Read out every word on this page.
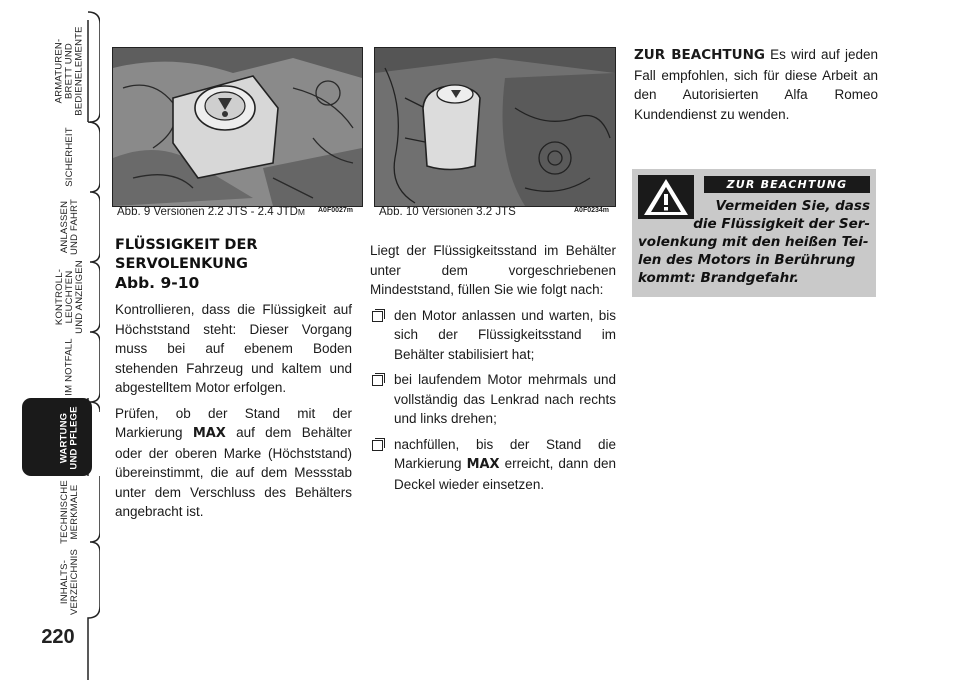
ARMATUREN-
BRETT UND
BEDIENELEMENTE
SICHERHEIT
ANLASSEN
UND FAHRT
KONTROLL-
LEUCHTEN
UND ANZEIGEN
IM NOTFALL
WARTUNG
UND PFLEGE
TECHNISCHE
MERKMALE
INHALTS-
VERZEICHNIS
220
A0F0027m
Abb. 9 Versionen 2.2 JTS - 2.4 JTDM	A0F0234m
Abb. 10 Versionen 3.2 JTS
FLÜSSIGKEIT DER
SERVOLENKUNG
Abb. 9-10

Kontrollieren, dass die Flüssigkeit auf Höchststand steht: Dieser Vorgang muss bei auf ebenem Boden stehenden Fahrzeug und kaltem und abgestelltem Motor erfolgen.

Prüfen, ob der Stand mit der Markierung MAX auf dem Behälter oder der oberen Marke (Höchststand) übereinstimmt, die auf dem Messstab unter dem Verschluss des Behälters angebracht ist.

Liegt der Flüssigkeitsstand im Behälter unter dem vorgeschriebenen Mindeststand, füllen Sie wie folgt nach:

den Motor anlassen und warten, bis sich der Flüssigkeitsstand im Behälter stabilisiert hat;
bei laufendem Motor mehrmals und vollständig das Lenkrad nach rechts und links drehen;
nachfüllen, bis der Stand die Markierung MAX erreicht, dann den Deckel wieder einsetzen.
ZUR BEACHTUNG Es wird auf jeden Fall empfohlen, sich für diese Arbeit an den Autorisierten Alfa Romeo Kundendienst zu wenden.
ZUR BEACHTUNG
Vermeiden Sie, dass
die Flüssigkeit der Ser-
volenkung mit den heißen Tei-
len des Motors in Berührung
kommt: Brandgefahr.
